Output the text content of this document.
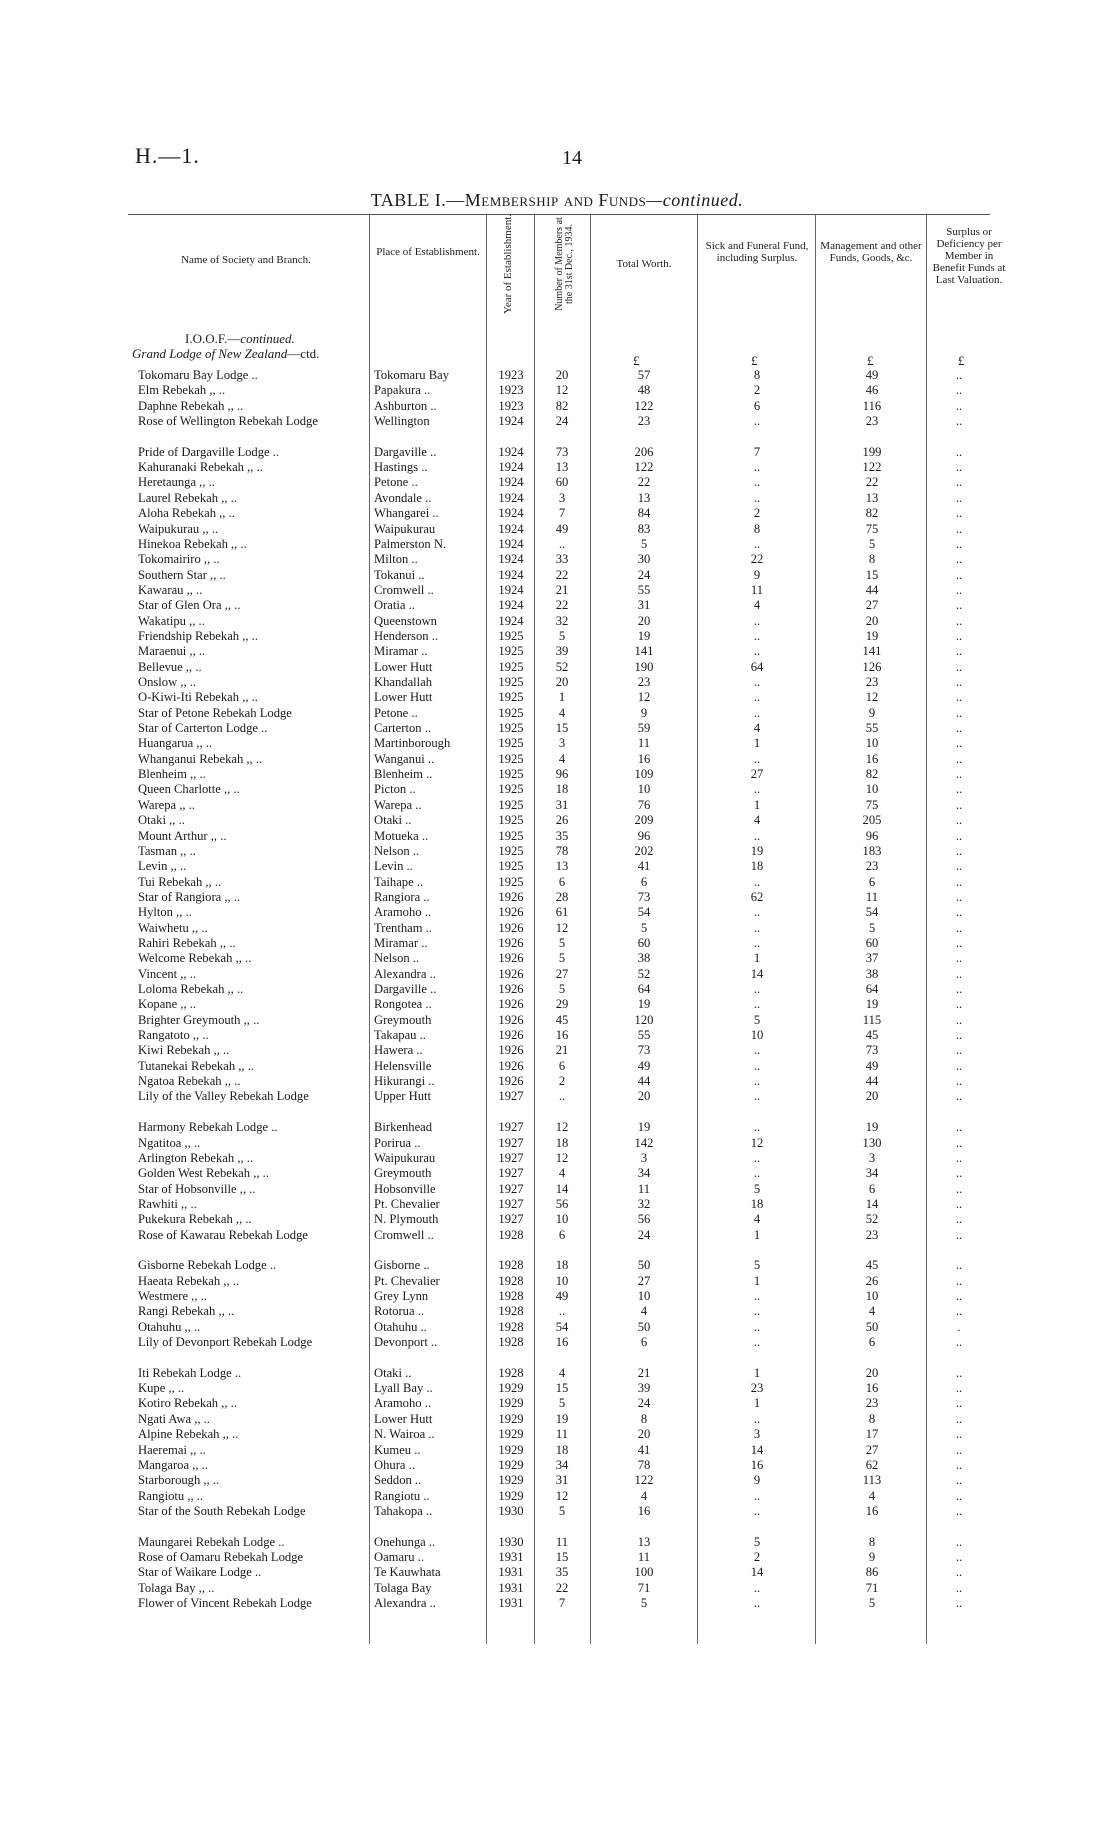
H.—1.	14
TABLE I.—Membership and Funds—continued.
Name of Society and Branch.
Place of Establishment.	Year of Establishment.	Number of Members at the 31st Dec., 1934.	Total Worth.
Sick and Funeral Fund, including Surplus.
Management and other Funds, Goods, &c.
Surplus or Deficiency per Member in Benefit Funds at Last Valuation.
I.O.O.F.—continued.
Grand Lodge of New Zealand—ctd.	£	£	£	£
Tokomaru Bay Lodge ..	Tokomaru Bay	1923	20	57	8	49	..
Elm Rebekah ,, ..	Papakura ..	1923	12	48	2	46	..
Daphne Rebekah ,, ..	Ashburton ..	1923	82	122	6	116	..
Rose of Wellington Rebekah Lodge	Wellington	1924	24	23	..	23	..
Pride of Dargaville Lodge ..	Dargaville ..	1924	73	206	7	199	..
Kahuranaki Rebekah ,, ..	Hastings ..	1924	13	122	..	122	..
Heretaunga ,, ..	Petone ..	1924	60	22	..	22	..
Laurel Rebekah ,, ..	Avondale ..	1924	3	13	..	13	..
Aloha Rebekah ,, ..	Whangarei ..	1924	7	84	2	82	..
Waipukurau ,, ..	Waipukurau	1924	49	83	8	75	..
Hinekoa Rebekah ,, ..	Palmerston N.	1924	..	5	..	5	..
Tokomairiro ,, ..	Milton ..	1924	33	30	22	8	..
Southern Star ,, ..	Tokanui ..	1924	22	24	9	15	..
Kawarau ,, ..	Cromwell ..	1924	21	55	11	44	..
Star of Glen Ora ,, ..	Oratia ..	1924	22	31	4	27	..
Wakatipu ,, ..	Queenstown	1924	32	20	..	20	..
Friendship Rebekah ,, ..	Henderson ..	1925	5	19	..	19	..
Maraenui ,, ..	Miramar ..	1925	39	141	..	141	..
Bellevue ,, ..	Lower Hutt	1925	52	190	64	126	..
Onslow ,, ..	Khandallah	1925	20	23	..	23	..
O-Kiwi-Iti Rebekah ,, ..	Lower Hutt	1925	1	12	..	12	..
Star of Petone Rebekah Lodge	Petone ..	1925	4	9	..	9	..
Star of Carterton Lodge ..	Carterton ..	1925	15	59	4	55	..
Huangarua ,, ..	Martinborough	1925	3	11	1	10	..
Whanganui Rebekah ,, ..	Wanganui ..	1925	4	16	..	16	..
Blenheim ,, ..	Blenheim ..	1925	96	109	27	82	..
Queen Charlotte ,, ..	Picton ..	1925	18	10	..	10	..
Warepa ,, ..	Warepa ..	1925	31	76	1	75	..
Otaki ,, ..	Otaki ..	1925	26	209	4	205	..
Mount Arthur ,, ..	Motueka ..	1925	35	96	..	96	..
Tasman ,, ..	Nelson ..	1925	78	202	19	183	..
Levin ,, ..	Levin ..	1925	13	41	18	23	..
Tui Rebekah ,, ..	Taihape ..	1925	6	6	..	6	..
Star of Rangiora ,, ..	Rangiora ..	1926	28	73	62	11	..
Hylton ,, ..	Aramoho ..	1926	61	54	..	54	..
Waiwhetu ,, ..	Trentham ..	1926	12	5	..	5	..
Rahiri Rebekah ,, ..	Miramar ..	1926	5	60	..	60	..
Welcome Rebekah ,, ..	Nelson ..	1926	5	38	1	37	..
Vincent ,, ..	Alexandra ..	1926	27	52	14	38	..
Loloma Rebekah ,, ..	Dargaville ..	1926	5	64	..	64	..
Kopane ,, ..	Rongotea ..	1926	29	19	..	19	..
Brighter Greymouth ,, ..	Greymouth	1926	45	120	5	115	..
Rangatoto ,, ..	Takapau ..	1926	16	55	10	45	..
Kiwi Rebekah ,, ..	Hawera ..	1926	21	73	..	73	..
Tutanekai Rebekah ,, ..	Helensville	1926	6	49	..	49	..
Ngatoa Rebekah ,, ..	Hikurangi ..	1926	2	44	..	44	..
Lily of the Valley Rebekah Lodge	Upper Hutt	1927	..	20	..	20	..
Harmony Rebekah Lodge ..	Birkenhead	1927	12	19	..	19	..
Ngatitoa ,, ..	Porirua ..	1927	18	142	12	130	..
Arlington Rebekah ,, ..	Waipukurau	1927	12	3	..	3	..
Golden West Rebekah ,, ..	Greymouth	1927	4	34	..	34	..
Star of Hobsonville ,, ..	Hobsonville	1927	14	11	5	6	..
Rawhiti ,, ..	Pt. Chevalier	1927	56	32	18	14	..
Pukekura Rebekah ,, ..	N. Plymouth	1927	10	56	4	52	..
Rose of Kawarau Rebekah Lodge	Cromwell ..	1928	6	24	1	23	..
Gisborne Rebekah Lodge ..	Gisborne ..	1928	18	50	5	45	..
Haeata Rebekah ,, ..	Pt. Chevalier	1928	10	27	1	26	..
Westmere ,, ..	Grey Lynn	1928	49	10	..	10	..
Rangi Rebekah ,, ..	Rotorua ..	1928	..	4	..	4	..
Otahuhu ,, ..	Otahuhu ..	1928	54	50	..	50	.
Lily of Devonport Rebekah Lodge	Devonport ..	1928	16	6	..	6	..
Iti Rebekah Lodge ..	Otaki ..	1928	4	21	1	20	..
Kupe ,, ..	Lyall Bay ..	1929	15	39	23	16	..
Kotiro Rebekah ,, ..	Aramoho ..	1929	5	24	1	23	..
Ngati Awa ,, ..	Lower Hutt	1929	19	8	..	8	..
Alpine Rebekah ,, ..	N. Wairoa ..	1929	11	20	3	17	..
Haeremai ,, ..	Kumeu ..	1929	18	41	14	27	..
Mangaroa ,, ..	Ohura ..	1929	34	78	16	62	..
Starborough ,, ..	Seddon ..	1929	31	122	9	113	..
Rangiotu ,, ..	Rangiotu ..	1929	12	4	..	4	..
Star of the South Rebekah Lodge	Tahakopa ..	1930	5	16	..	16	..
Maungarei Rebekah Lodge ..	Onehunga ..	1930	11	13	5	8	..
Rose of Oamaru Rebekah Lodge	Oamaru ..	1931	15	11	2	9	..
Star of Waikare Lodge ..	Te Kauwhata	1931	35	100	14	86	..
Tolaga Bay ,, ..	Tolaga Bay	1931	22	71	..	71	..
Flower of Vincent Rebekah Lodge	Alexandra ..	1931	7	5	..	5	..
